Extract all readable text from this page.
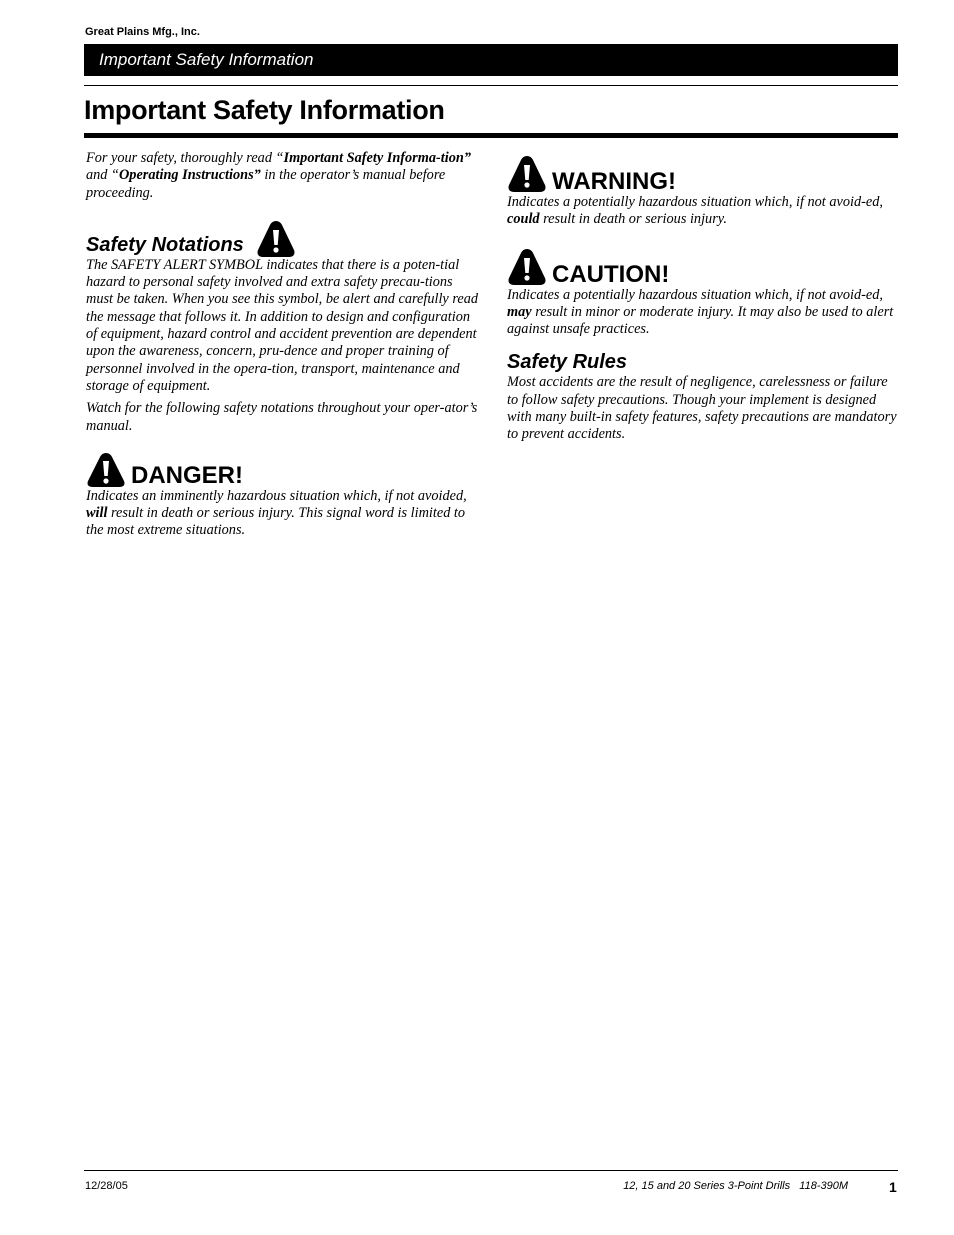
Great Plains Mfg., Inc.
Important Safety Information
Important Safety Information

For your safety, thoroughly read “Important Safety Informa-tion” and “Operating Instructions” in the operator’s manual before proceeding.

Safety Notations

The SAFETY ALERT SYMBOL indicates that there is a poten-tial hazard to personal safety involved and extra safety precau-tions must be taken. When you see this symbol, be alert and carefully read the message that follows it. In addition to design and configuration of equipment, hazard control and accident prevention are dependent upon the awareness, concern, pru-dence and proper training of personnel involved in the opera-tion, transport, maintenance and storage of equipment.

Watch for the following safety notations throughout your oper-ator’s manual.

DANGER!

Indicates an imminently hazardous situation which, if not avoided, will result in death or serious injury. This signal word is limited to the most extreme situations.

WARNING!

Indicates a potentially hazardous situation which, if not avoid-ed, could result in death or serious injury.

CAUTION!

Indicates a potentially hazardous situation which, if not avoid-ed, may result in minor or moderate injury. It may also be used to alert against unsafe practices.

Safety Rules

Most accidents are the result of negligence, carelessness or failure to follow safety precautions. Though your implement is designed with many built-in safety features, safety precautions are mandatory to prevent accidents.

12/28/05	12, 15 and 20 Series 3-Point Drills   118-390M	1
